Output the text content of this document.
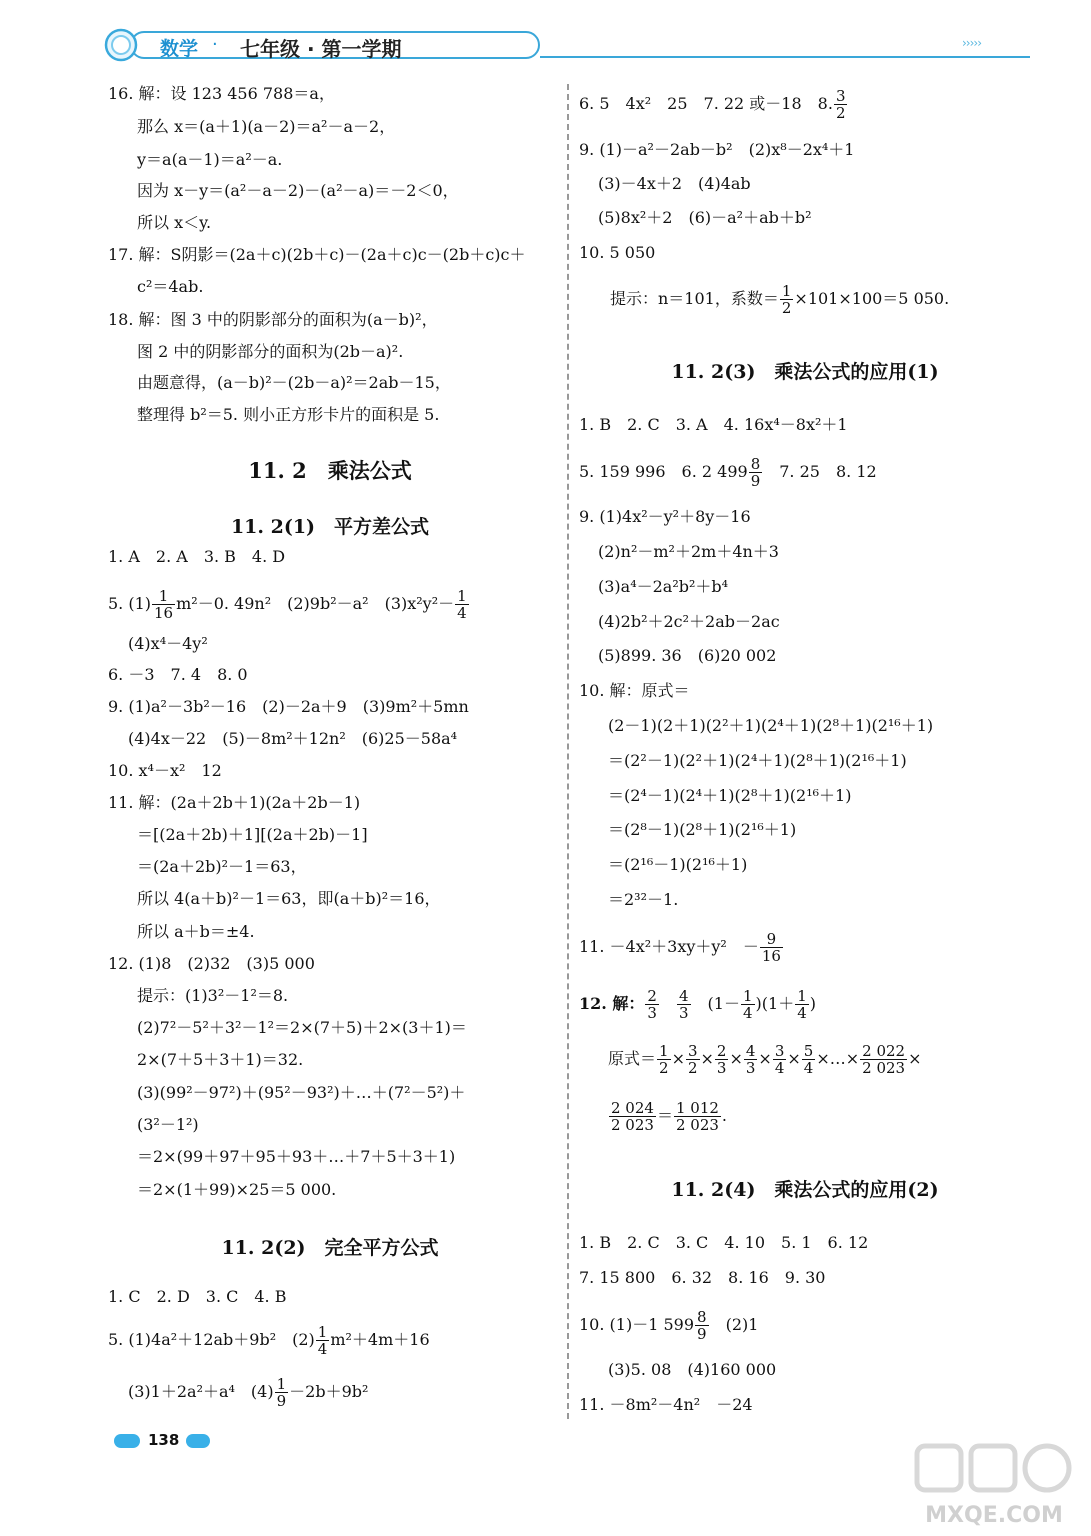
数学 · 七年级 · 第一学期	›››››
16. 解：设 123 456 788＝a，
那么 x＝(a＋1)(a－2)＝a²－a－2，
y＝a(a－1)＝a²－a.
因为 x－y＝(a²－a－2)－(a²－a)＝－2＜0，
所以 x＜y.
17. 解：S阴影＝(2a＋c)(2b＋c)－(2a＋c)c－(2b＋c)c＋
c²＝4ab.
18. 解：图 3 中的阴影部分的面积为(a－b)²，
图 2 中的阴影部分的面积为(2b－a)².
由题意得，(a－b)²－(2b－a)²＝2ab－15，
整理得 b²＝5. 则小正方形卡片的面积是 5.
11. 2　乘法公式
11. 2(1)　平方差公式
1. A　2. A　3. B　4. D
5. $(1) \frac{1}{16} m^2-0$. 49n²　(2)9b²－a²　$(3)x^2y^2- \frac{1}{4}$
(4)x⁴－4y²
6. －3　7. 4　8. 0
9. (1)a²－3b²－16　(2)－2a＋9　(3)9m²＋5mn
(4)4x－22　(5)－8m²＋12n²　(6)25－58a⁴
10. x⁴－x²　12
11. 解：(2a＋2b＋1)(2a＋2b－1)
＝[(2a＋2b)＋1][(2a＋2b)－1]
＝(2a＋2b)²－1＝63，
所以 4(a＋b)²－1＝63，即(a＋b)²＝16，
所以 a＋b＝±4.
12. (1)8　(2)32　(3)5 000
提示：(1)3²－1²＝8.
(2)7²－5²＋3²－1²＝2×(7＋5)＋2×(3＋1)＝
2×(7＋5＋3＋1)＝32.
(3)(99²－97²)＋(95²－93²)＋…＋(7²－5²)＋
(3²－1²)
＝2×(99＋97＋95＋93＋…＋7＋5＋3＋1)
＝2×(1＋99)×25＝5 000.
11. 2(2)　完全平方公式
1. C　2. D　3. C　4. B
5. (1)4a²＋12ab＋9b²　$(2) \frac{1}{4} m^2+4m+16$
(3)1＋2a²＋a⁴　$(4) \frac{1}{9} -2b+9b^2$
6. 5　4x²　25　7. 22 或－18　8. $\frac{3}{2}$
9. (1)－a²－2ab－b²　(2)x⁸－2x⁴＋1
(3)－4x＋2　(4)4ab
(5)8x²＋2　(6)－a²＋ab＋b²
10. 5 050
提示：n＝101，系数＝ $\frac{1}{2} \times 101\times 100=5$ 050.
11. 2(3)　乘法公式的应用(1)
1. B　2. C　3. A　4. 16x⁴－8x²＋1
5. 159 996　6. 2 $499 \frac{8}{9}$
　 7. 25　8. 12
9. (1)4x²－y²＋8y－16
(2)n²－m²＋2m＋4n＋3
(3)a⁴－2a²b²＋b⁴
(4)2b²＋2c²＋2ab－2ac
(5)899. 36　(6)20 002
10. 解：原式＝
(2－1)(2＋1)(2²＋1)(2⁴＋1)(2⁸＋1)(2¹⁶＋1)
＝(2²－1)(2²＋1)(2⁴＋1)(2⁸＋1)(2¹⁶＋1)
＝(2⁴－1)(2⁴＋1)(2⁸＋1)(2¹⁶＋1)
＝(2⁸－1)(2⁸＋1)(2¹⁶＋1)
＝(2¹⁶－1)(2¹⁶＋1)
＝2³²－1.
11. －4x²＋3xy＋y²　－ $\frac{9}{16}$
12. 解： $\frac{2}{3}$
　 $\frac{4}{3}$
　 $(1- \frac{1}{4} )(1+ \frac{1}{4}$ )
原式＝ $\frac{1}{2} \times \frac{3}{2} \times \frac{2}{3} \times \frac{4}{3} \times \frac{3}{4} \times \frac{5}{4}$ ×…× $\frac{2 022}{2 023}$ ×
$\frac{2 024}{2 023} = \frac{1 012}{2 023}$ .
11. 2(4)　乘法公式的应用(2)
1. B　2. C　3. C　4. 10　5. 1　6. 12
7. 15 800　6. 32　8. 16　9. 30
10. (1)－1 $599 \frac{8}{9}$
　 (2)1
(3)5. 08　(4)160 000
11. －8m²－4n²　－24
138
MXQE.COM
